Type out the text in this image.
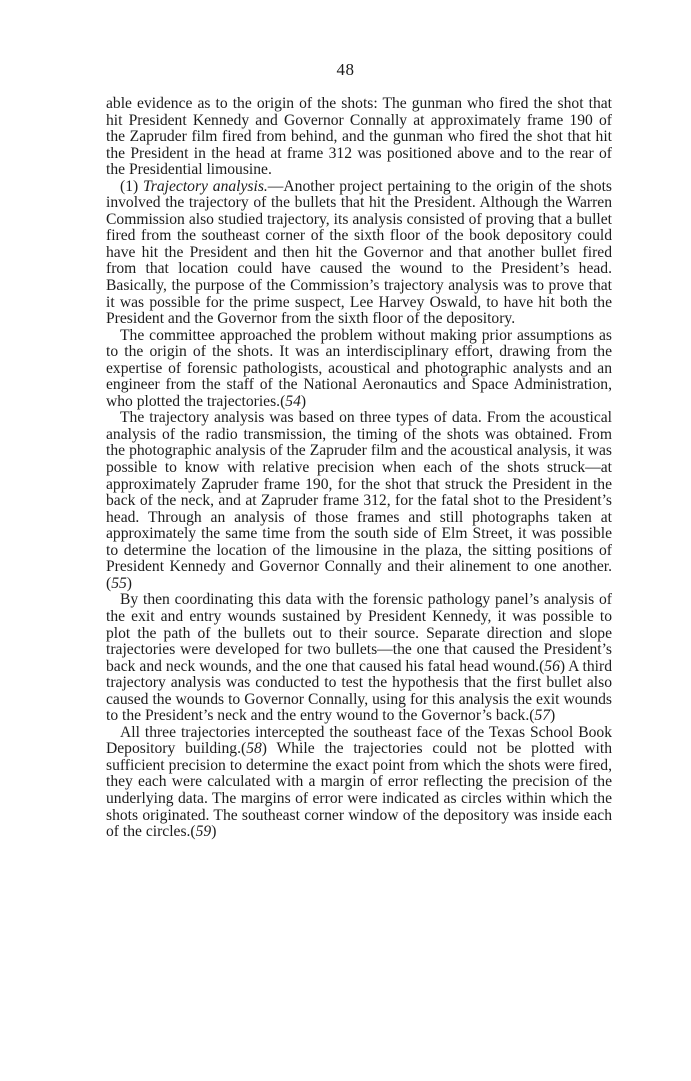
48

able evidence as to the origin of the shots: The gunman who fired the shot that hit President Kennedy and Governor Connally at approximately frame 190 of the Zapruder film fired from behind, and the gunman who fired the shot that hit the President in the head at frame 312 was positioned above and to the rear of the Presidential limousine.

(1) Trajectory analysis.—Another project pertaining to the origin of the shots involved the trajectory of the bullets that hit the President. Although the Warren Commission also studied trajectory, its analysis consisted of proving that a bullet fired from the southeast corner of the sixth floor of the book depository could have hit the President and then hit the Governor and that another bullet fired from that location could have caused the wound to the President’s head. Basically, the purpose of the Commission’s trajectory analysis was to prove that it was possible for the prime suspect, Lee Harvey Oswald, to have hit both the President and the Governor from the sixth floor of the depository.

The committee approached the problem without making prior assumptions as to the origin of the shots. It was an interdisciplinary effort, drawing from the expertise of forensic pathologists, acoustical and photographic analysts and an engineer from the staff of the National Aeronautics and Space Administration, who plotted the trajectories.(54)

The trajectory analysis was based on three types of data. From the acoustical analysis of the radio transmission, the timing of the shots was obtained. From the photographic analysis of the Zapruder film and the acoustical analysis, it was possible to know with relative precision when each of the shots struck—at approximately Zapruder frame 190, for the shot that struck the President in the back of the neck, and at Zapruder frame 312, for the fatal shot to the President’s head. Through an analysis of those frames and still photographs taken at approximately the same time from the south side of Elm Street, it was possible to determine the location of the limousine in the plaza, the sitting positions of President Kennedy and Governor Connally and their alinement to one another.(55)

By then coordinating this data with the forensic pathology panel’s analysis of the exit and entry wounds sustained by President Kennedy, it was possible to plot the path of the bullets out to their source. Separate direction and slope trajectories were developed for two bullets—the one that caused the President’s back and neck wounds, and the one that caused his fatal head wound.(56) A third trajectory analysis was conducted to test the hypothesis that the first bullet also caused the wounds to Governor Connally, using for this analysis the exit wounds to the President’s neck and the entry wound to the Governor’s back.(57)

All three trajectories intercepted the southeast face of the Texas School Book Depository building.(58) While the trajectories could not be plotted with sufficient precision to determine the exact point from which the shots were fired, they each were calculated with a margin of error reflecting the precision of the underlying data. The margins of error were indicated as circles within which the shots originated. The southeast corner window of the depository was inside each of the circles.(59)
